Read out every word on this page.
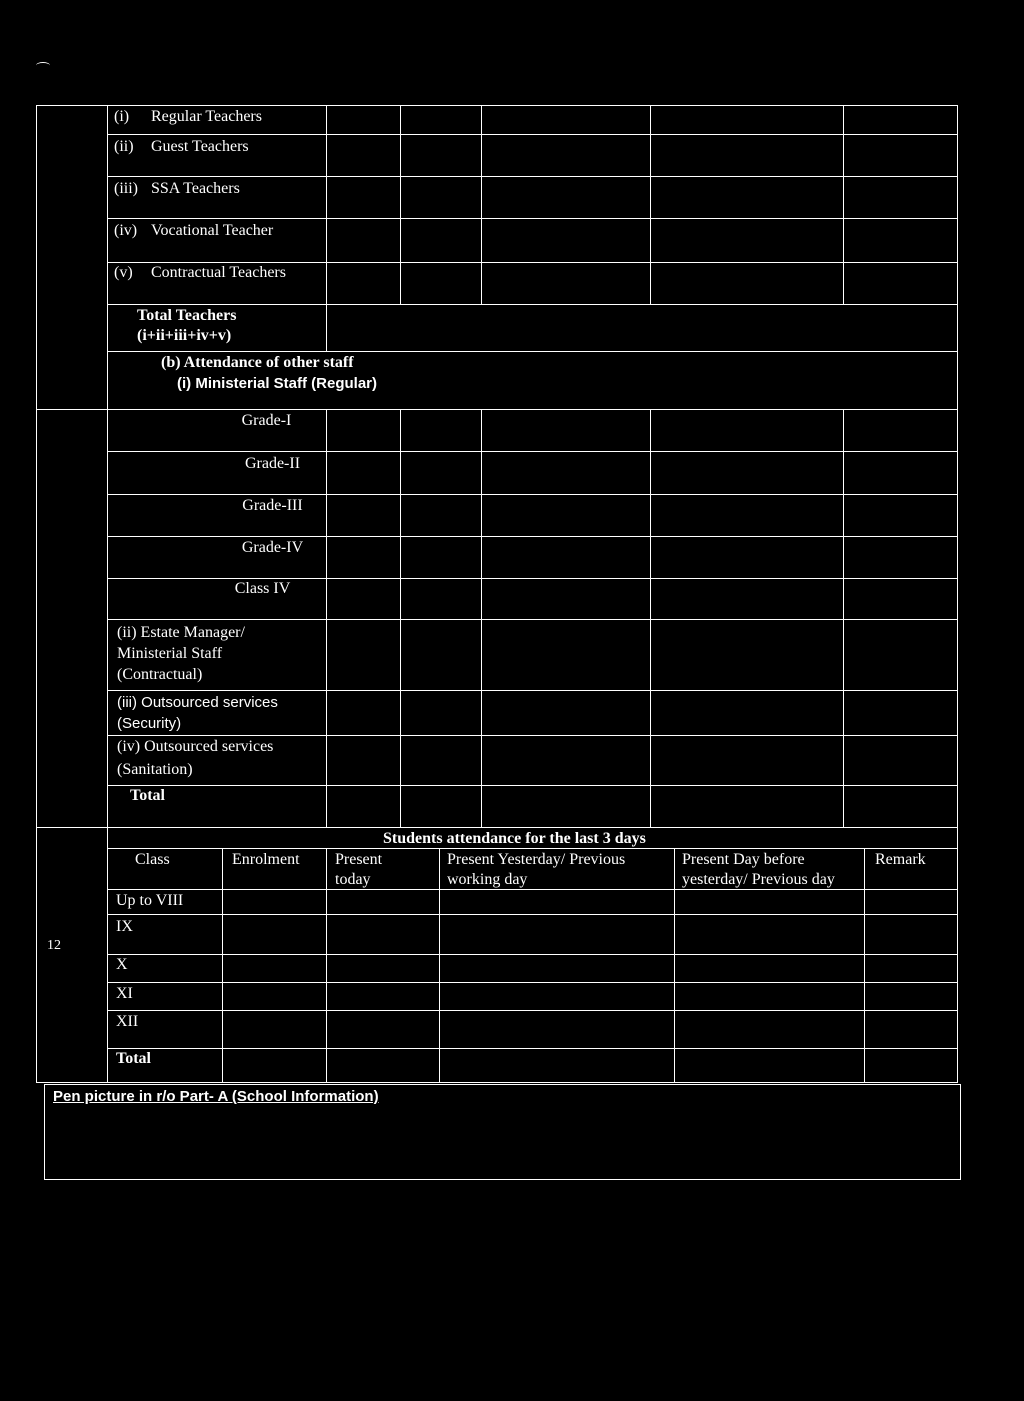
(i) Regular Teachers
(ii) Guest Teachers
(iii) SSA Teachers
(iv) Vocational Teacher
(v) Contractual Teachers
Total Teachers
(i+ii+iii+iv+v)
(b) Attendance of other staff
(i) Ministerial Staff (Regular)
Grade-I
Grade-II
Grade-III
Grade-IV
Class IV
(ii) Estate Manager/
Ministerial Staff
(Contractual)
(iii) Outsourced services
(Security)
(iv) Outsourced services
(Sanitation)
Total
12
Students attendance for the last 3 days
Class	Enrolment Present
today
Present Yesterday/ Previous
working day
Present Day before
yesterday/ Previous day
Remark
Up to VIII
IX
X
XI
XII
Total
Pen picture in r/o Part- A (School Information)
